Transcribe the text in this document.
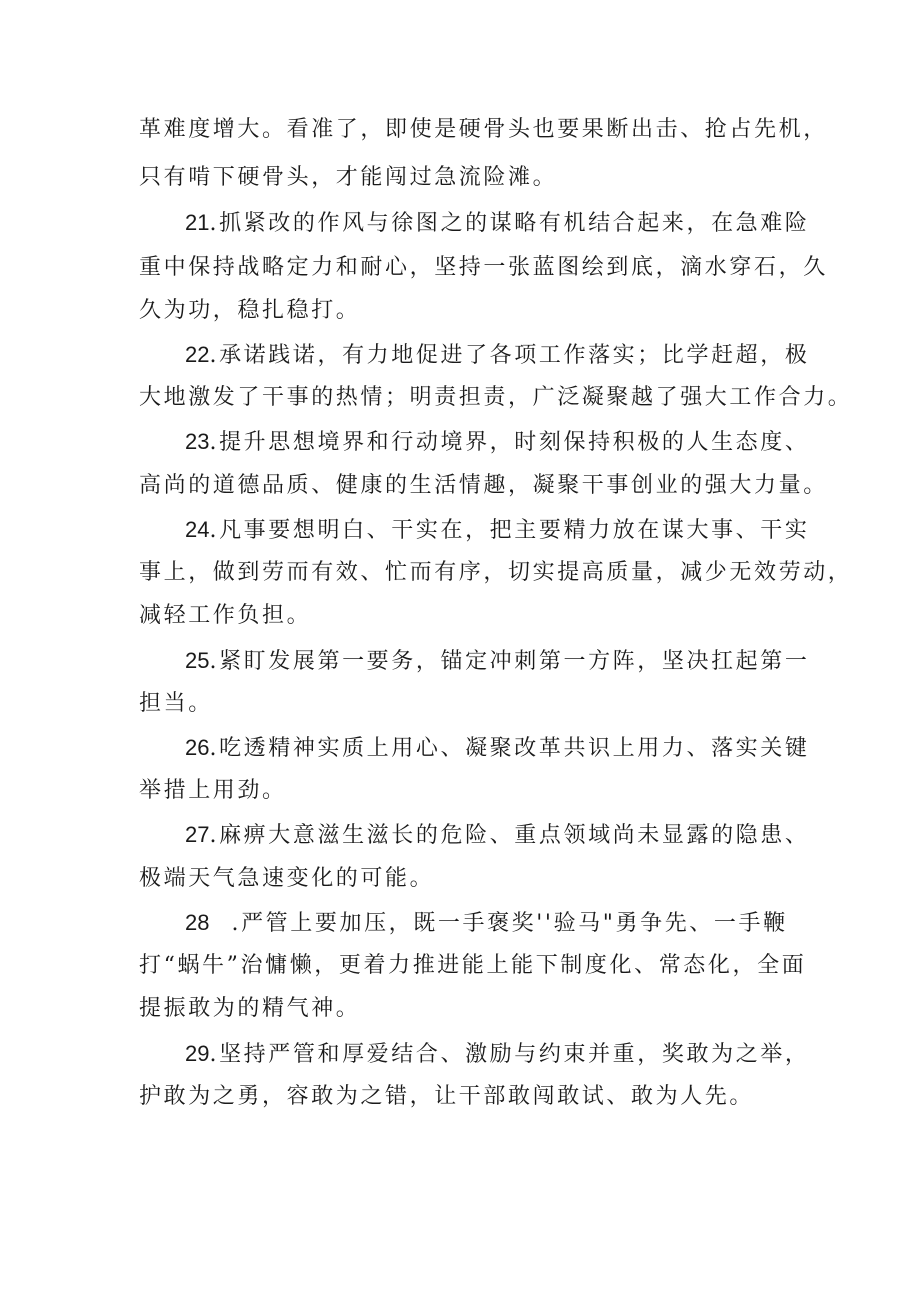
革难度增大。看准了，即使是硬骨头也要果断出击、抢占先机，
只有啃下硬骨头，才能闯过急流险滩。
21.抓紧改的作风与徐图之的谋略有机结合起来，在急难险
重中保持战略定力和耐心，坚持一张蓝图绘到底，滴水穿石，久
久为功，稳扎稳打。
22.承诺践诺，有力地促进了各项工作落实；比学赶超，极
大地激发了干事的热情；明责担责，广泛凝聚越了强大工作合力。
23.提升思想境界和行动境界，时刻保持积极的人生态度、
高尚的道德品质、健康的生活情趣，凝聚干事创业的强大力量。
24.凡事要想明白、干实在，把主要精力放在谋大事、干实
事上，做到劳而有效、忙而有序，切实提高质量，减少无效劳动，
减轻工作负担。
25.紧盯发展第一要务，锚定冲刺第一方阵，坚决扛起第一
担当。
26.吃透精神实质上用心、凝聚改革共识上用力、落实关键
举措上用劲。
27.麻痹大意滋生滋长的危险、重点领域尚未显露的隐患、
极端天气急速变化的可能。
28 .严管上要加压，既一手褒奖''验马"勇争先、一手鞭
打“蜗牛”治慵懒，更着力推进能上能下制度化、常态化，全面
提振敢为的精气神。
29.坚持严管和厚爱结合、激励与约束并重，奖敢为之举，
护敢为之勇，容敢为之错，让干部敢闯敢试、敢为人先。
